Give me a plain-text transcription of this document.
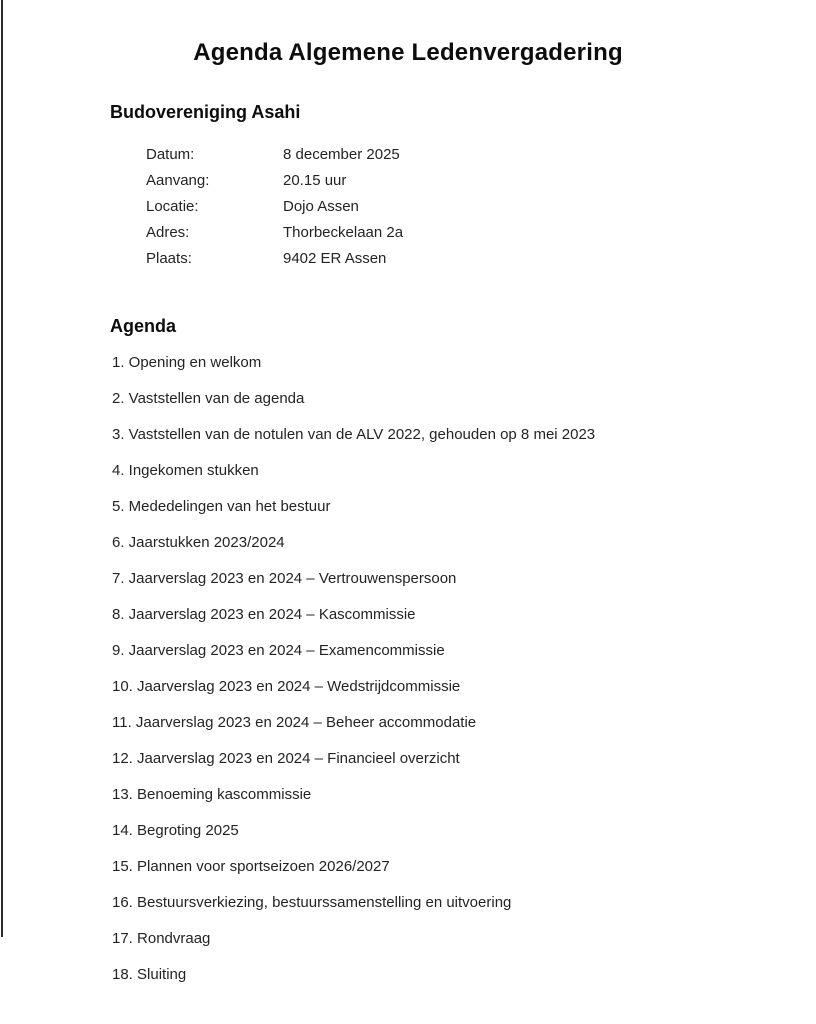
Agenda Algemene Ledenvergadering
Budovereniging Asahi
Datum:	8 december 2025
Aanvang:	20.15 uur
Locatie:	Dojo Assen
Adres:	Thorbeckelaan 2a
Plaats:	9402 ER Assen
Agenda
1. Opening en welkom
2. Vaststellen van de agenda
3. Vaststellen van de notulen van de ALV 2022, gehouden op 8 mei 2023
4. Ingekomen stukken
5. Mededelingen van het bestuur
6. Jaarstukken 2023/2024
7. Jaarverslag 2023 en 2024 – Vertrouwenspersoon
8. Jaarverslag 2023 en 2024 – Kascommissie
9. Jaarverslag 2023 en 2024 – Examencommissie
10. Jaarverslag 2023 en 2024 – Wedstrijdcommissie
11. Jaarverslag 2023 en 2024 – Beheer accommodatie
12. Jaarverslag 2023 en 2024 – Financieel overzicht
13. Benoeming kascommissie
14. Begroting 2025
15. Plannen voor sportseizoen 2026/2027
16. Bestuursverkiezing, bestuurssamenstelling en uitvoering
17. Rondvraag
18. Sluiting
